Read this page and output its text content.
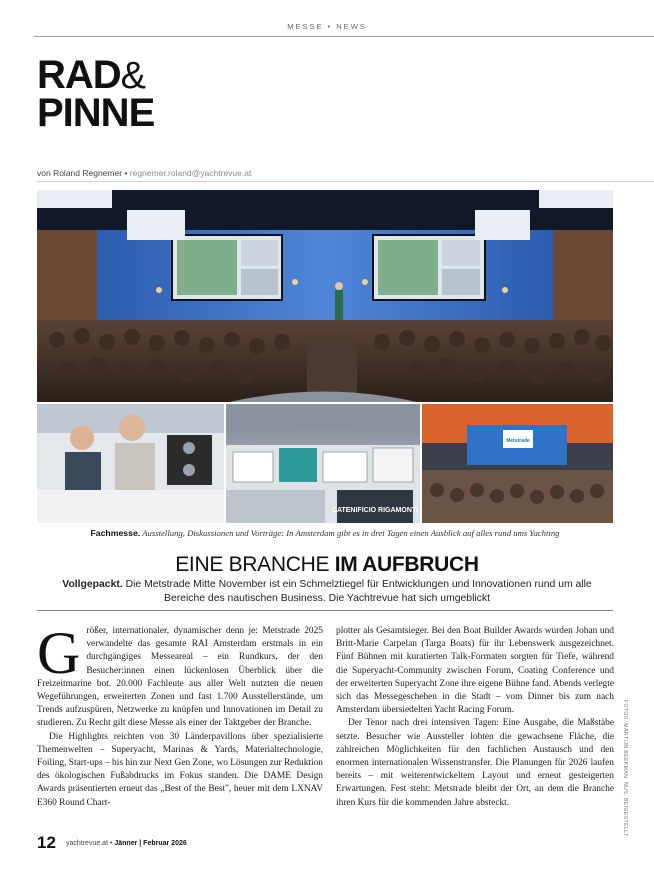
MESSE • NEWS
RAD&
PINNE
von Roland Regnemer • regnemer.roland@yachtrevue.at
CATENIFICIO RIGAMONTI
Metstrade
Fachmesse. Ausstellung, Diskussionen und Vorträge: In Amsterdam gibt es in drei Tagen einen Ausblick auf alles rund ums Yachting
EINE BRANCHE IM AUFBRUCH
Vollgepackt. Die Metstrade Mitte November ist ein Schmelztiegel für Entwicklungen und Innovationen rund um alle Bereiche des nautischen Business. Die Yachtrevue hat sich umgeblickt

Größer, internationaler, dynamischer denn je: Metstrade 2025 verwandelte das gesamte RAI Amsterdam erstmals in ein durchgängiges Messeareal – ein Rundkurs, der den Besucher:innen einen lückenlosen Überblick über die Freizeitmarine bot. 20.000 Fachleute aus aller Welt nutzten die neuen Wegeführungen, erweiterten Zonen und fast 1.700 Ausstellerstände, um Trends aufzuspüren, Netzwerke zu knüpfen und Innovationen im Detail zu studieren. Zu Recht gilt diese Messe als einer der Taktgeber der Branche.

Die Highlights reichten von 30 Länderpavillons über spezialisierte Themenwelten – Superyacht, Marinas & Yards, Materialtechnologie, Foiling, Start-ups – bis hin zur Next Gen Zone, wo Lösungen zur Reduktion des ökologischen Fußabdrucks im Fokus standen. Die DAME Design Awards präsentierten erneut das „Best of the Best", heuer mit dem LXNAV E360 Round Chart-

plotter als Gesamtsieger. Bei den Boat Builder Awards wurden Johan und Britt-Marie Carpelan (Targa Boats) für ihr Lebenswerk ausgezeichnet. Fünf Bühnen mit kuratierten Talk-Formaten sorgten für Tiefe, während die Superyacht-Community zwischen Forum, Coating Conference und der erweiterten Superyacht Zone ihre eigene Bühne fand. Abends verlegte sich das Messegeschehen in die Stadt – vom Dinner bis zum nach Amsterdam übersiedelten Yacht Racing Forum.

Der Tenor nach drei intensiven Tagen: Eine Ausgabe, die Maßstäbe setzte. Besucher wie Aussteller lobten die gewachsene Fläche, die zahlreichen Möglichkeiten für den fachlichen Austausch und den enormen internationalen Wissenstransfer. Die Planungen für 2026 laufen bereits – mit weiterentwickeltem Layout und erneut gesteigerten Erwartungen. Fest steht: Metstrade bleibt der Ort, an dem die Branche ihren Kurs für die kommenden Jahre absteckt.	FOTOS: MARTIJN BEEKMAN, NUS, BEIGESTELLT
12 yachtrevue.at • Jänner | Februar 2026
